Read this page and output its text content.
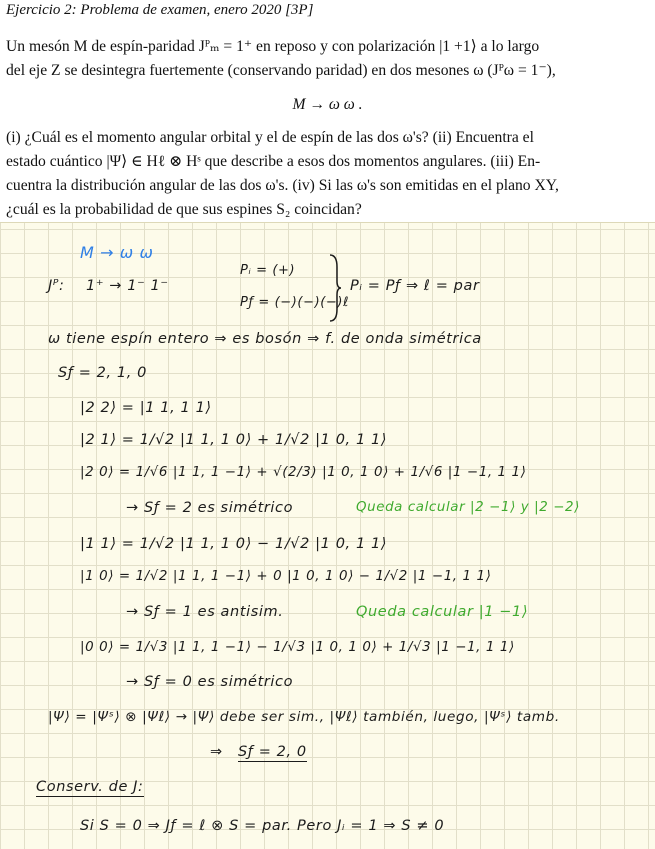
Ejercicio 2: Problema de examen, enero 2020 [3P]
Un mesón M de espín-paridad Jᴾₘ = 1⁺ en reposo y con polarización |1 +1⟩ a lo largo
del eje Z se desintegra fuertemente (conservando paridad) en dos mesones ω (Jᴾω = 1⁻),
M → ω ω .
(i) ¿Cuál es el momento angular orbital y el de espín de las dos ω's? (ii) Encuentra el
estado cuántico |Ψ⟩ ∈ Hℓ ⊗ Hˢ que describe a esos dos momentos angulares. (iii) En-
cuentra la distribución angular de las dos ω's. (iv) Si las ω's son emitidas en el plano XY,
¿cuál es la probabilidad de que sus espines S₂ coincidan?
M → ω ω
Jᴾ: 1⁺ → 1⁻ 1⁻
Pᵢ = (+)
Pƒ = (−)(−)(−)ℓ
Pᵢ = Pƒ ⇒ ℓ = par
ω tiene espín entero ⇒ es bosón ⇒ f. de onda simétrica
Sƒ = 2, 1, 0
|2 2⟩ = |1 1, 1 1⟩
|2 1⟩ = 1/√2 |1 1, 1 0⟩ + 1/√2 |1 0, 1 1⟩
|2 0⟩ = 1/√6 |1 1, 1 −1⟩ + √(2/3) |1 0, 1 0⟩ + 1/√6 |1 −1, 1 1⟩
→ Sƒ = 2 es simétrico	Queda calcular |2 −1⟩ y |2 −2⟩
|1 1⟩ = 1/√2 |1 1, 1 0⟩ − 1/√2 |1 0, 1 1⟩
|1 0⟩ = 1/√2 |1 1, 1 −1⟩ + 0 |1 0, 1 0⟩ − 1/√2 |1 −1, 1 1⟩
→ Sƒ = 1 es antisim.	Queda calcular |1 −1⟩
|0 0⟩ = 1/√3 |1 1, 1 −1⟩ − 1/√3 |1 0, 1 0⟩ + 1/√3 |1 −1, 1 1⟩
→ Sƒ = 0 es simétrico
|Ψ⟩ = |Ψˢ⟩ ⊗ |Ψℓ⟩ → |Ψ⟩ debe ser sim., |Ψℓ⟩ también, luego, |Ψˢ⟩ tamb.
⇒ Sƒ = 2, 0
Conserv. de J:
Si S = 0 ⇒ Jƒ = ℓ ⊗ S = par. Pero Jᵢ = 1 ⇒ S ≠ 0
